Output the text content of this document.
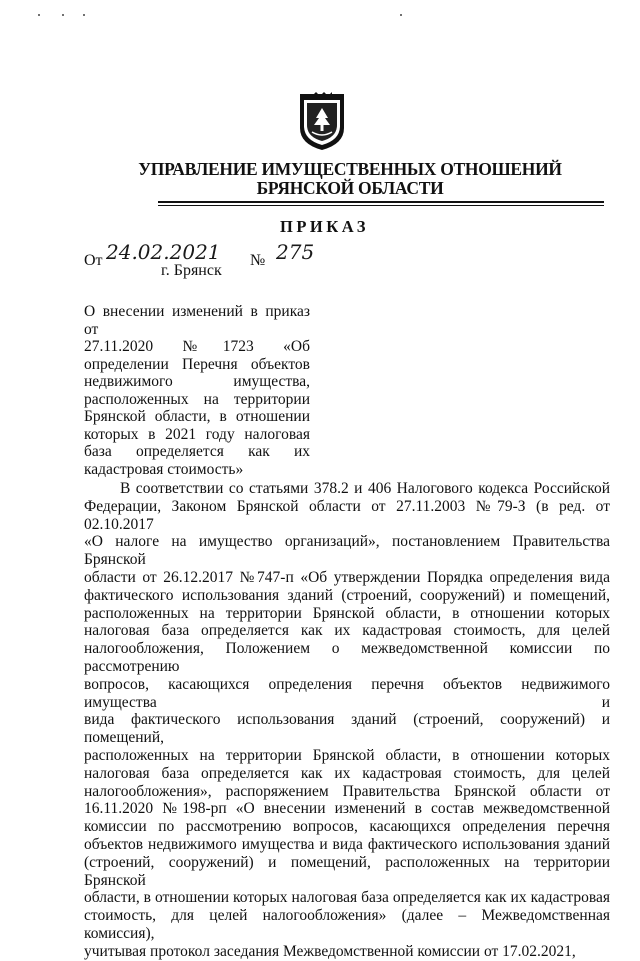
УПРАВЛЕНИЕ ИМУЩЕСТВЕННЫХ ОТНОШЕНИЙ
БРЯНСКОЙ ОБЛАСТИ
ПРИКАЗ
От 24.02.2021 № 275
г. Брянск
О внесении изменений в приказ от
27.11.2020 №1723 «Об
определении Перечня объектов
недвижимого имущества,
расположенных на территории
Брянской области, в отношении
которых в 2021 году налоговая
база определяется как их
кадастровая стоимость»
В соответствии со статьями 378.2 и 406 Налогового кодекса Российской
Федерации, Законом Брянской области от 27.11.2003 №79-З (в ред. от 02.10.2017
«О налоге на имущество организаций», постановлением Правительства Брянской
области от 26.12.2017 №747-п «Об утверждении Порядка определения вида
фактического использования зданий (строений, сооружений) и помещений,
расположенных на территории Брянской области, в отношении которых
налоговая база определяется как их кадастровая стоимость, для целей
налогообложения, Положением о межведомственной комиссии по рассмотрению
вопросов, касающихся определения перечня объектов недвижимого имущества и
вида фактического использования зданий (строений, сооружений) и помещений,
расположенных на территории Брянской области, в отношении которых
налоговая база определяется как их кадастровая стоимость, для целей
налогообложения», распоряжением Правительства Брянской области от
16.11.2020 №198-рп «О внесении изменений в состав межведомственной
комиссии по рассмотрению вопросов, касающихся определения перечня
объектов недвижимого имущества и вида фактического использования зданий
(строений, сооружений) и помещений, расположенных на территории Брянской
области, в отношении которых налоговая база определяется как их кадастровая
стоимость, для целей налогообложения» (далее – Межведомственная комиссия),
учитывая протокол заседания Межведомственной комиссии от 17.02.2021,
